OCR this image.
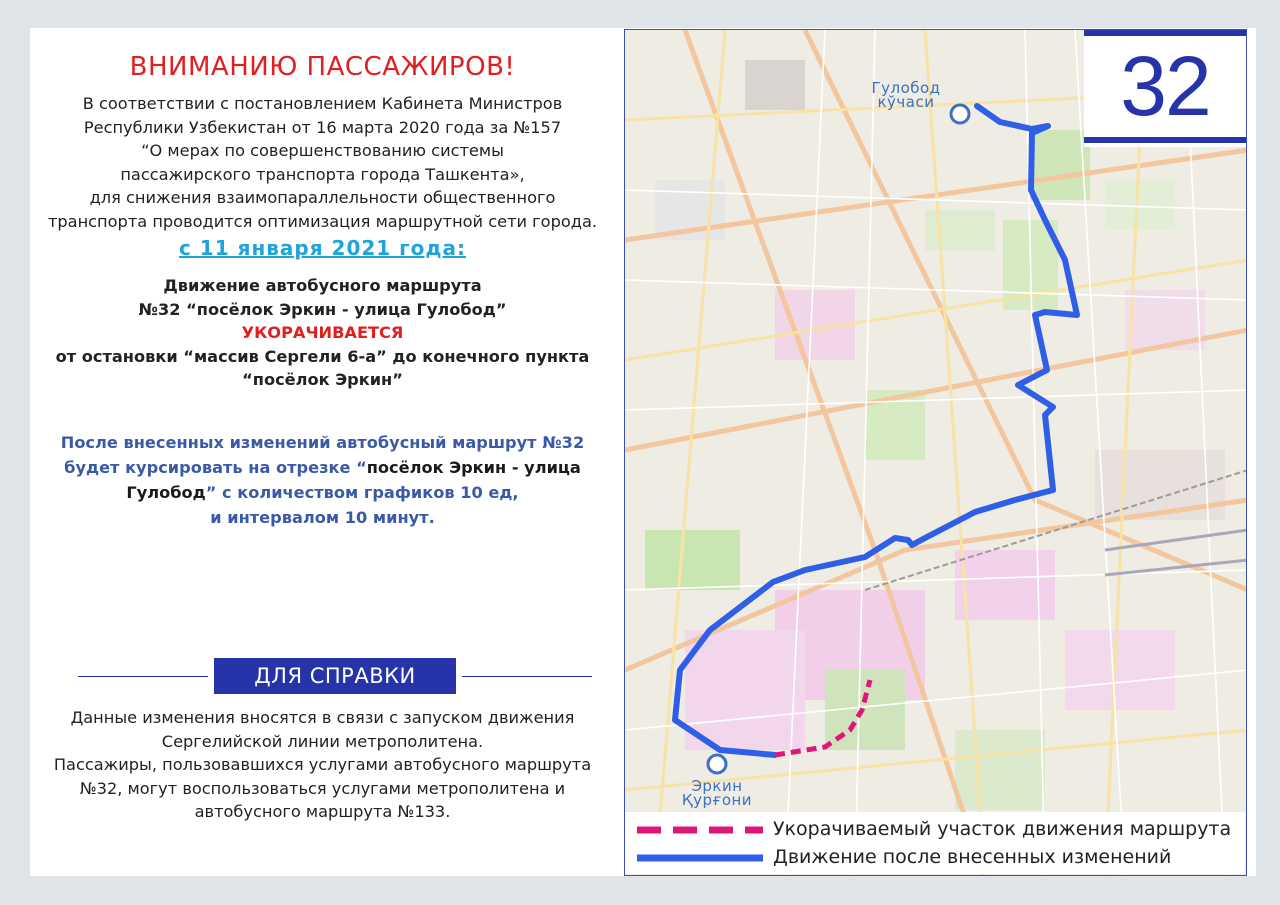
ВНИМАНИЮ ПАССАЖИРОВ!
В соответствии с постановлением Кабинета Министров
Республики Узбекистан от 16 марта 2020 года за №157
“О мерах по совершенствованию системы
пассажирского транспорта города Ташкента»,
для снижения взаимопараллельности общественного
транспорта проводится оптимизация маршрутной сети города.
с 11 января 2021 года:
Движение автобусного маршрута
№32 “посёлок Эркин - улица Гулобод”
УКОРАЧИВАЕТСЯ
от остановки “массив Сергели 6-а” до конечного пункта
“посёлок Эркин”
После внесенных изменений автобусный маршрут №32
будет курсировать на отрезке “посёлок Эркин - улица
Гулобод” с количеством графиков 10 ед,
и интервалом 10 минут.
ДЛЯ СПРАВКИ
Данные изменения вносятся в связи с запуском движения
Сергелийской линии метрополитена.
Пассажиры, пользовавшихся услугами автобусного маршрута
№32, могут воспользоваться услугами метрополитена и
автобусного маршрута №133.
Гулобод
кўчаси
Эркин
Қурғони
32
Укорачиваемый участок движения маршрута
Движение после внесенных изменений
